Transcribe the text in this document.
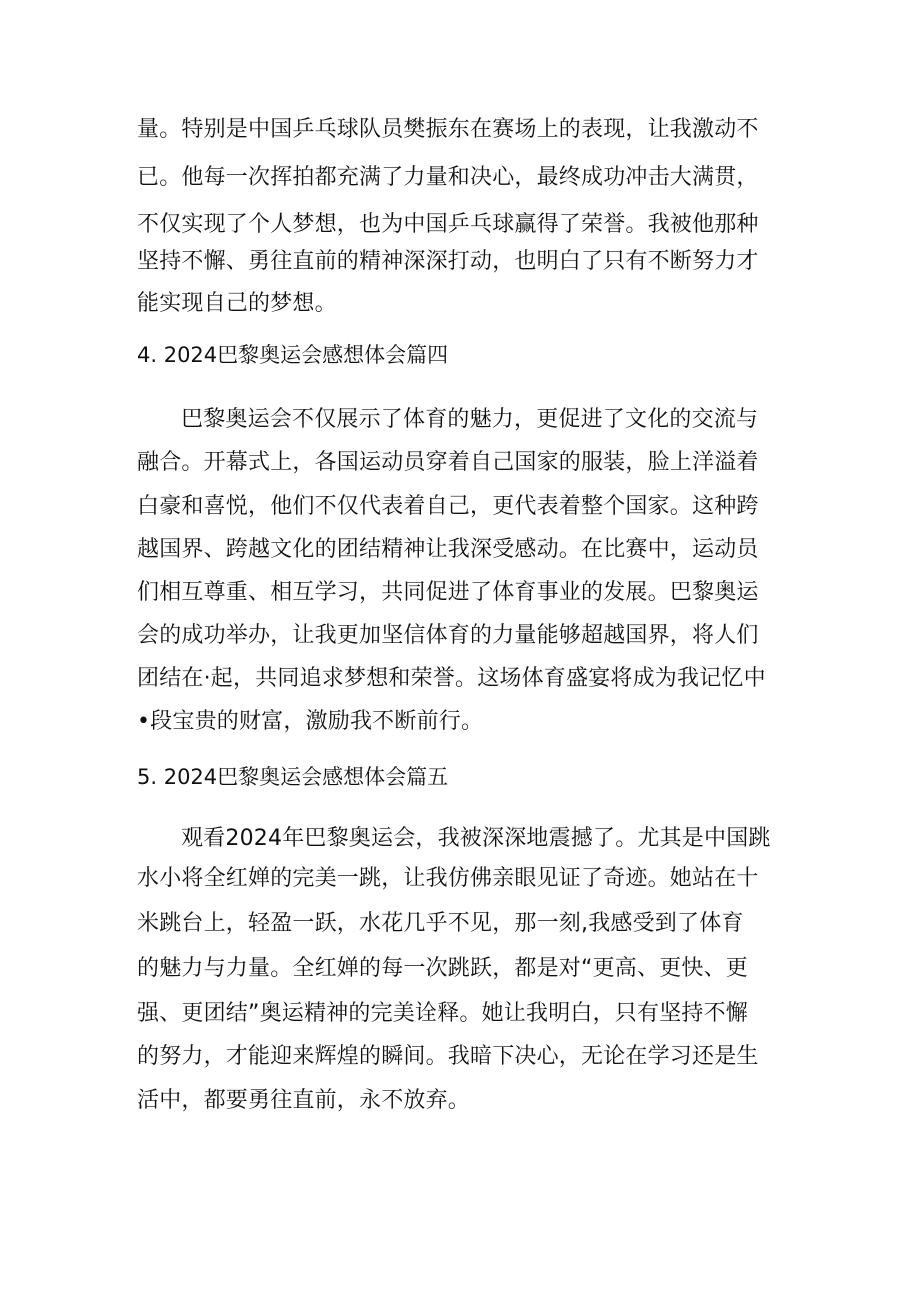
量。特别是中国乒乓球队员樊振东在赛场上的表现，让我激动不
已。他每一次挥拍都充满了力量和决心，最终成功冲击大满贯，
不仅实现了个人梦想，也为中国乒乓球赢得了荣誉。我被他那种
坚持不懈、勇往直前的精神深深打动，也明白了只有不断努力才
能实现自己的梦想。
4. 2024巴黎奥运会感想体会篇四
巴黎奥运会不仅展示了体育的魅力，更促进了文化的交流与
融合。开幕式上，各国运动员穿着自己国家的服装，脸上洋溢着
白豪和喜悦，他们不仅代表着自己，更代表着整个国家。这种跨
越国界、跨越文化的团结精神让我深受感动。在比赛中，运动员
们相互尊重、相互学习，共同促进了体育事业的发展。巴黎奥运
会的成功举办，让我更加坚信体育的力量能够超越国界，将人们
团结在·起，共同追求梦想和荣誉。这场体育盛宴将成为我记忆中
•段宝贵的财富，激励我不断前行。
5. 2024巴黎奥运会感想体会篇五
观看2024年巴黎奥运会，我被深深地震撼了。尤其是中国跳
水小将全红婵的完美一跳，让我仿佛亲眼见证了奇迹。她站在十
米跳台上，轻盈一跃，水花几乎不见，那一刻,我感受到了体育
的魅力与力量。全红婵的每一次跳跃，都是对“更高、更快、更
强、更团结”奥运精神的完美诠释。她让我明白，只有坚持不懈
的努力，才能迎来辉煌的瞬间。我暗下决心，无论在学习还是生
活中，都要勇往直前，永不放弃。
